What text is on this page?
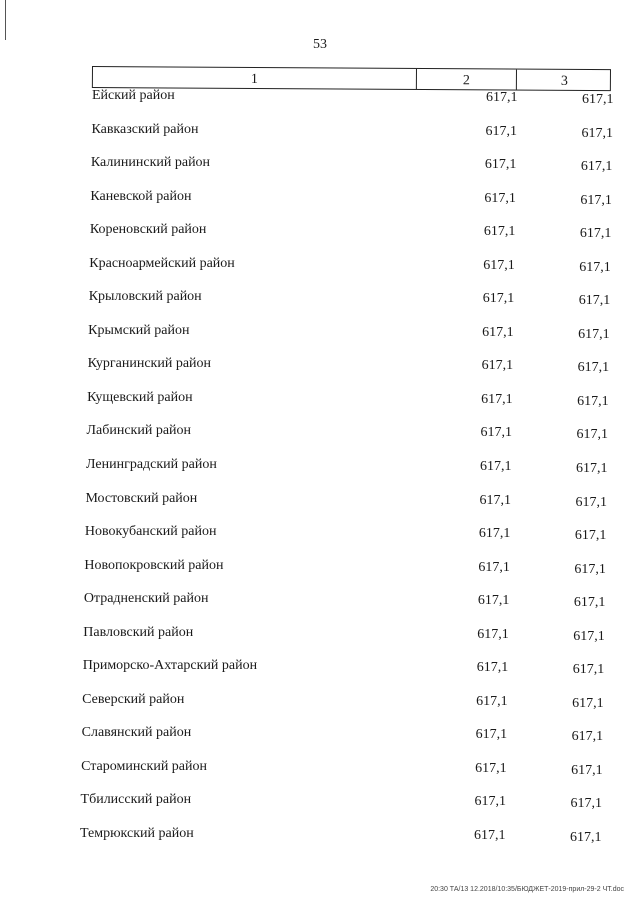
53
1	2	3
Ейский район	617,1	617,1
Кавказский район	617,1	617,1
Калининский район	617,1	617,1
Каневской район	617,1	617,1
Кореновский район	617,1	617,1
Красноармейский район	617,1	617,1
Крыловский район	617,1	617,1
Крымский район	617,1	617,1
Курганинский район	617,1	617,1
Кущевский район	617,1	617,1
Лабинский район	617,1	617,1
Ленинградский район	617,1	617,1
Мостовский район	617,1	617,1
Новокубанский район	617,1	617,1
Новопокровский район	617,1	617,1
Отрадненский район	617,1	617,1
Павловский район	617,1	617,1
Приморско-Ахтарский район	617,1	617,1
Северский район	617,1	617,1
Славянский район	617,1	617,1
Староминский район	617,1	617,1
Тбилисский район	617,1	617,1
Темрюкский район	617,1	617,1
20:30 ТА/13 12.2018/10:35/БЮДЖЕТ-2019-прил-29-2 ЧТ.doc
